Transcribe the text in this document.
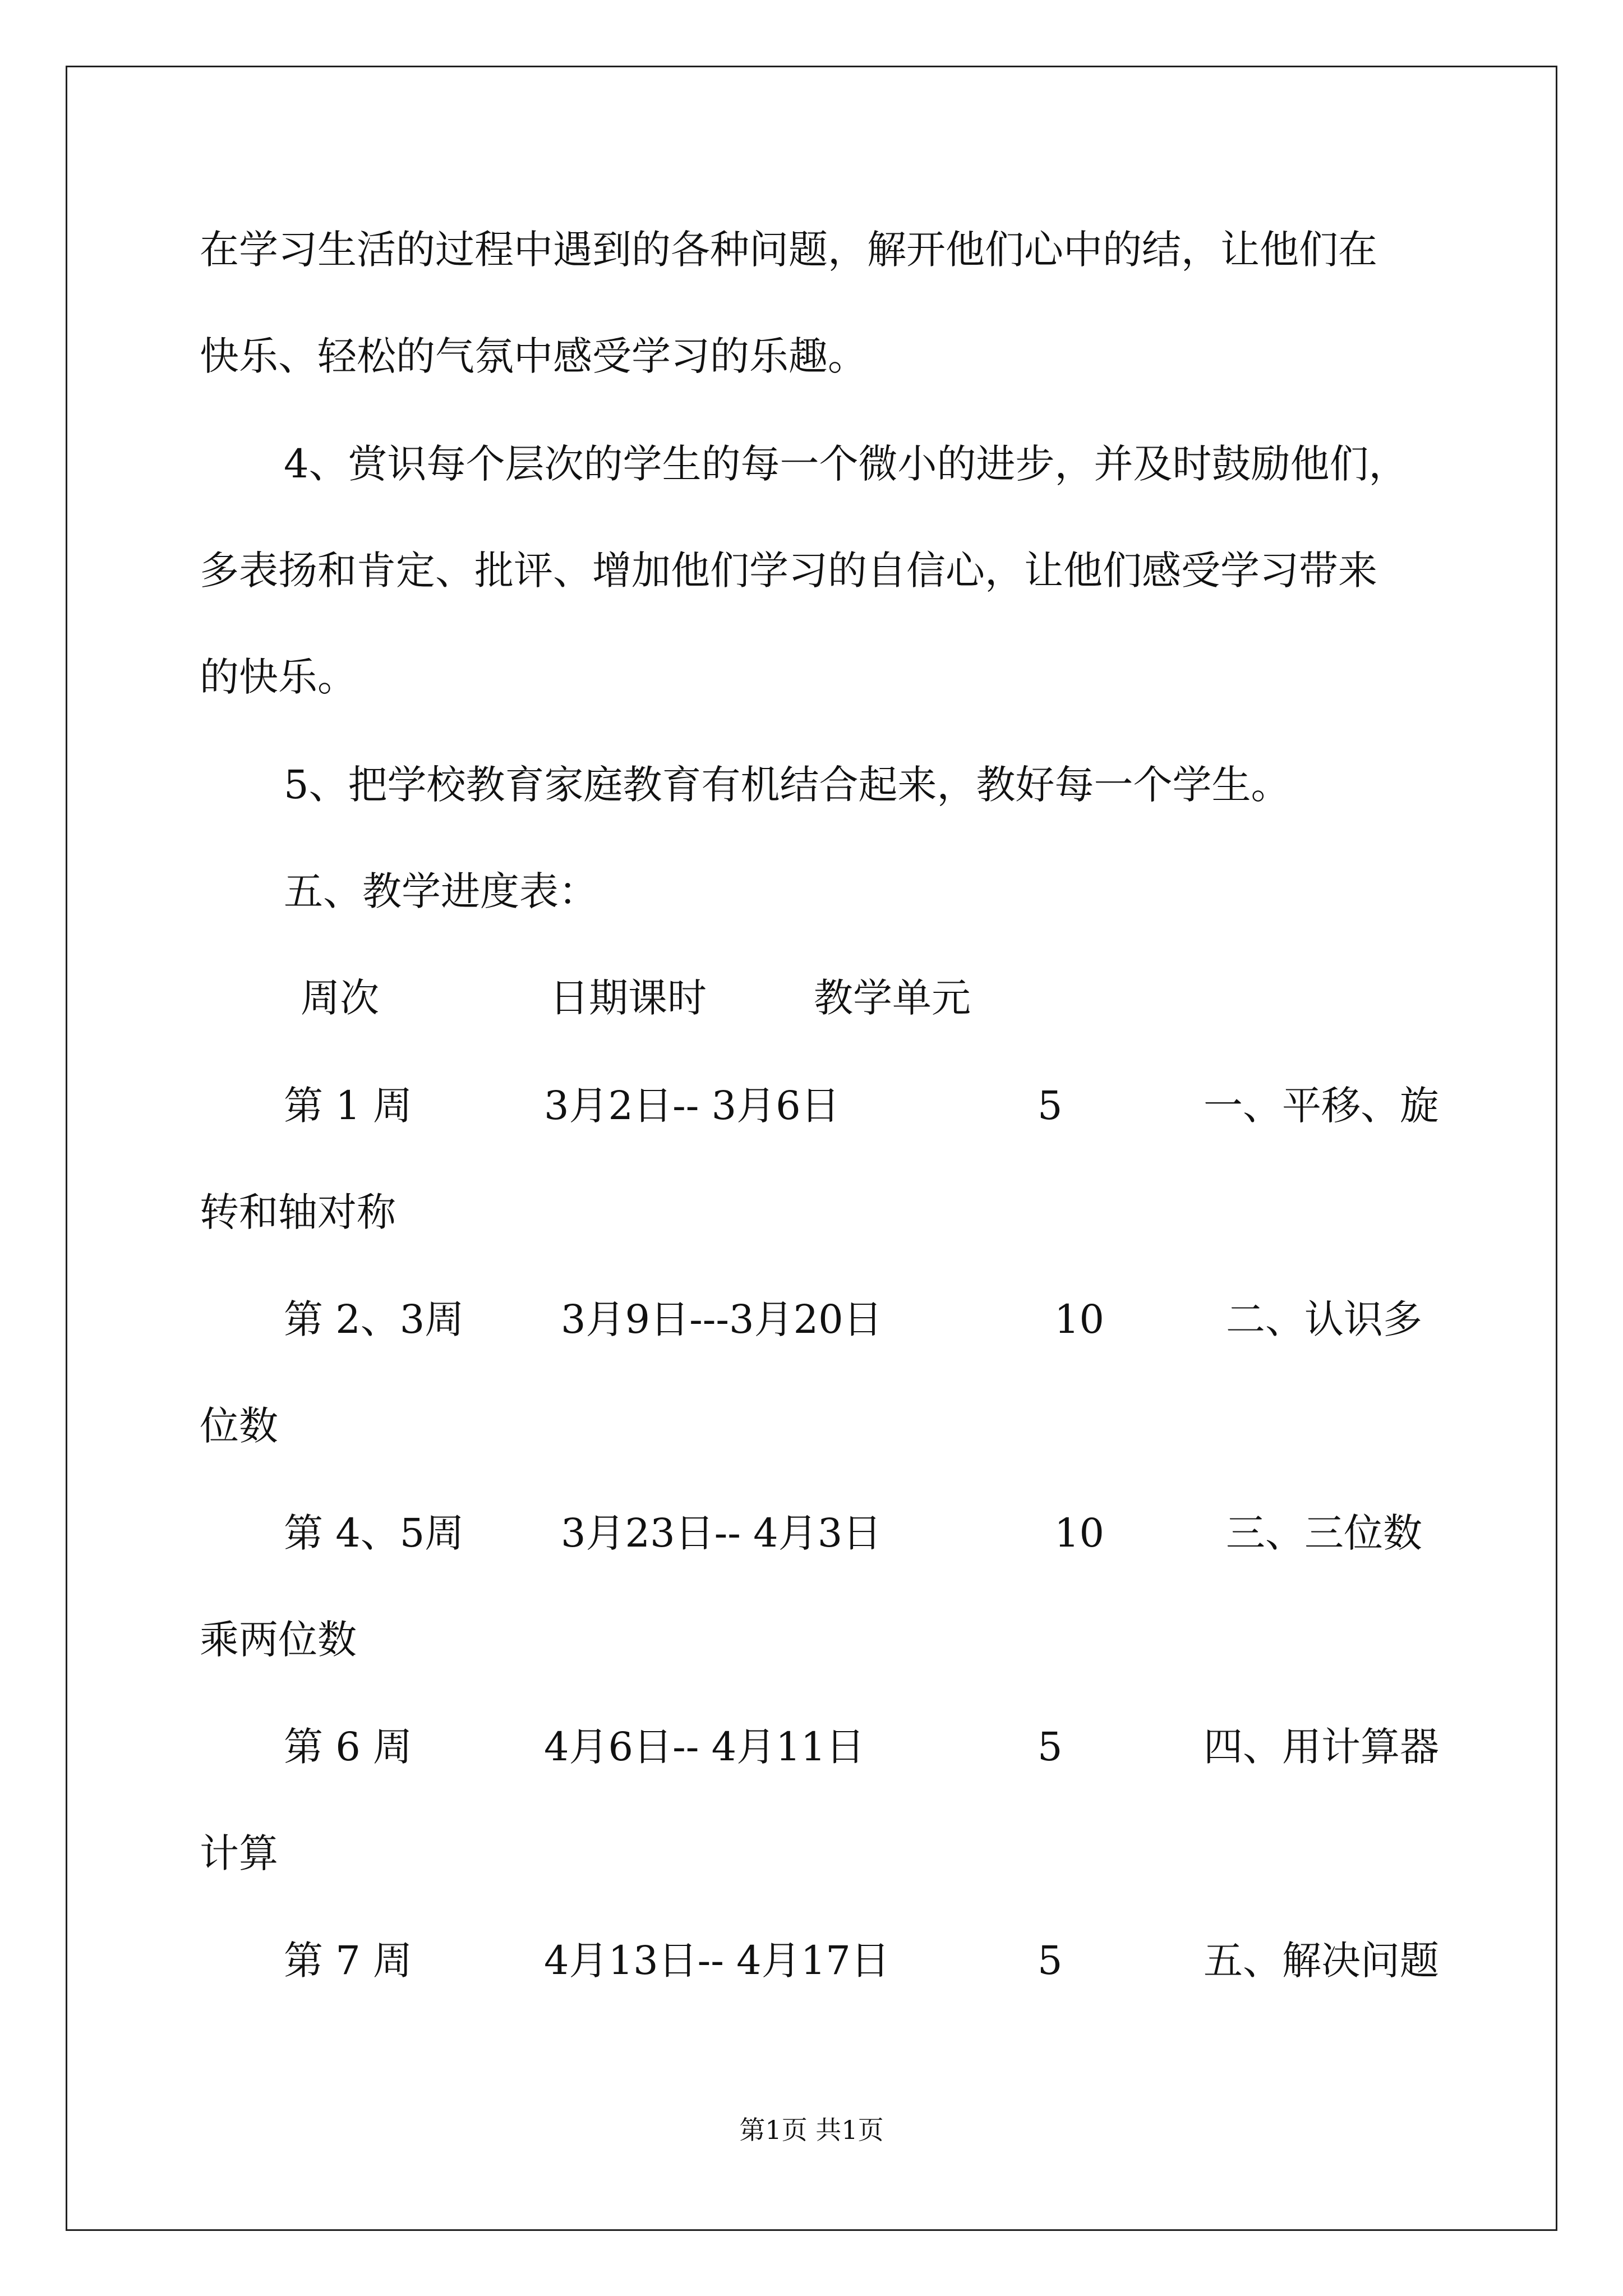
在学习生活的过程中遇到的各种问题，解开他们心中的结，让他们在
快乐、轻松的气氛中感受学习的乐趣。
4、赏识每个层次的学生的每一个微小的进步，并及时鼓励他们，
多表扬和肯定、批评、增加他们学习的自信心，让他们感受学习带来
的快乐。
5、把学校教育家庭教育有机结合起来，教好每一个学生。
五、教学进度表：
周次	日期课时	教学单元
第 1 周	3月2日-- 3月6日	5	一、平移、旋
转和轴对称
第 2、3周 3月9日---3月20日	10	二、认识多
位数
第 4、5周 3月23日-- 4月3日	10	三、三位数
乘两位数
第 6 周	4月6日-- 4月11日	5	四、用计算器
计算
第 7 周	4月13日-- 4月17日	5	五、解决问题
第1页 共1页
